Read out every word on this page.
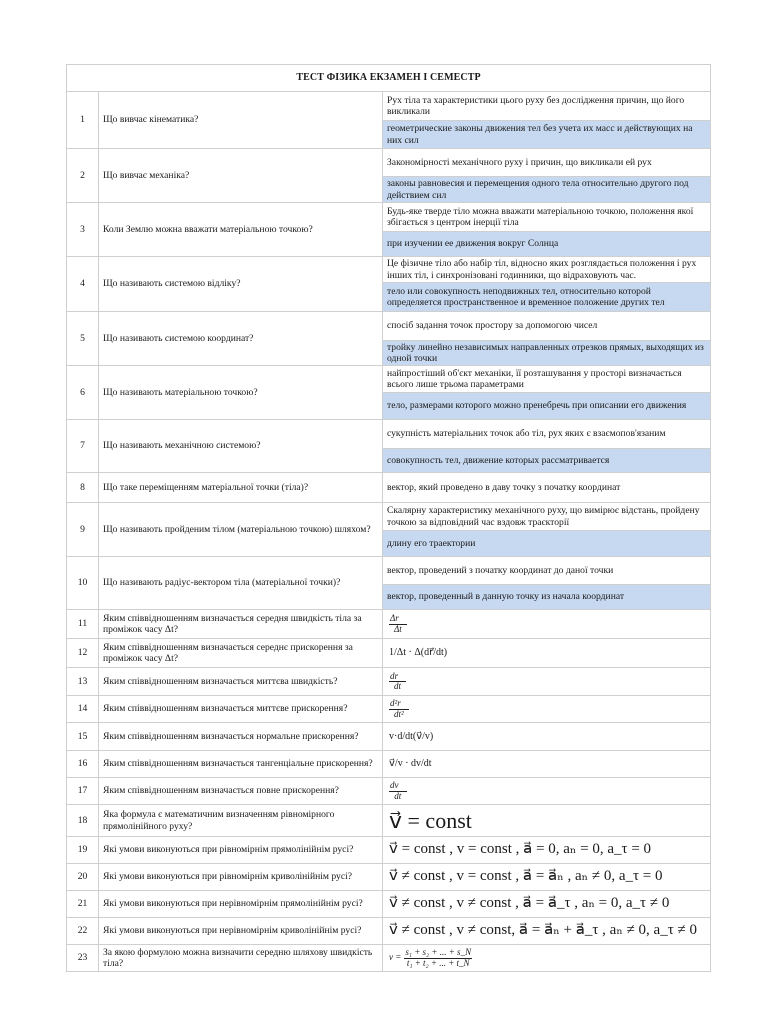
ТЕСТ ФІЗИКА ЕКЗАМЕН І СЕМЕСТР		
1	Що вивчає кінематика?	Рух тіла та характеристики цього руху без дослідження причин, що його викликали
геометрические законы движения тел без учета их масс и действующих на них сил

2	Що вивчає механіка?	Закономірності механічного руху і причин, що викликали ей рух
законы равновесия и перемещения одного тела относительно другого под действием сил

3	Коли Землю можна вважати матеріальною точкою?	Будь-яке тверде тіло можна вважати матеріальною точкою, положення якої збігається з центром інерції тіла
при изучении ее движения вокруг Солнца

4	Що називають системою відліку?	Це фізичне тіло або набір тіл, відносно яких розглядається положення і рух інших тіл, і синхронізовані годинники, що відраховують час.
тело или совокупность неподвижных тел, относительно которой определяется пространственное и временное положение других тел

5	Що називають системою координат?	спосіб задання точок простору за допомогою чисел
тройку линейно независимых направленных отрезков прямых, выходящих из одной точки

6	Що називають матеріальною точкою?	найпростіший об'єкт механіки, її розташування у просторі визначається всього лише трьома параметрами
тело, размерами которого можно пренебречь при описании его движения

7	Що називають механічною системою?	сукупність матеріальних точок або тіл, рух яких є взаємопов'язаним
совокупность тел, движение которых рассматривается

8	Що таке переміщенням матеріальної точки (тіла)?	вектор, який проведено в даву точку з початку координат

9	Що називають пройденим тілом (матеріальною точкою) шляхом?	Скалярну характеристику механічного руху, що вимірює відстань, пройдену точкою за відповідний час вздовж траєкторії
длину его траектории

10	Що називають радіус-вектором тіла (матеріальної точки)?	вектор, проведений з початку координат до даної точки
вектор, проведенный в данную точку из начала координат

11	Яким співвідношенням визначається середня швидкість тіла за проміжок часу Δt?	$\frac{\Delta r⃗}{\Delta t}$

12	Яким співвідношенням визначається середнє прискорення за проміжок часу Δt?	1/Δt · Δ(dr⃗/dt)
13	Яким співвідношенням визначається миттєва швидкість?	$\frac{dr⃗}{dt}$

14	Яким співвідношенням визначається миттєве прискорення?	$\frac{\text{d²r⃗}}{\text{dt²}}$

15	Яким співвідношенням визначається нормальне прискорення?	v·d/dt(v⃗/v)
16	Яким співвідношенням визначається тангенціальне прискорення?	v⃗/v · dv/dt
17	Яким співвідношенням визначається повне прискорення?	$\frac{dv⃗}{dt}$

18	Яка формула є математичним визначенням рівномірного прямолінійного руху?	v⃗ = const
19	Які умови виконуються при рівномірнім прямолінійнім русі?	v⃗ = const , v = const , a⃗ = 0, aₙ = 0, a_τ = 0
20	Які умови виконуються при рівномірнім криволінійнім русі?	v⃗ ≠ const , v = const , a⃗ = a⃗ₙ , aₙ ≠ 0, a_τ = 0
21	Які умови виконуються при нерівномірнім прямолінійнім русі?	v⃗ ≠ const , v ≠ const , a⃗ = a⃗_τ , aₙ = 0, a_τ ≠ 0
22	Які умови виконуються при нерівномірнім криволінійнім русі?	v⃗ ≠ const , v ≠ const, a⃗ = a⃗ₙ + a⃗_τ , aₙ ≠ 0, a_τ ≠ 0
23	За якою формулою можна визначити середню шляхову швидкість тіла?	$v = \frac{\text{s₁ + s₂ + ... + s\_N}}{\text{t₁ + t₂ + ... + t\_N}}$
